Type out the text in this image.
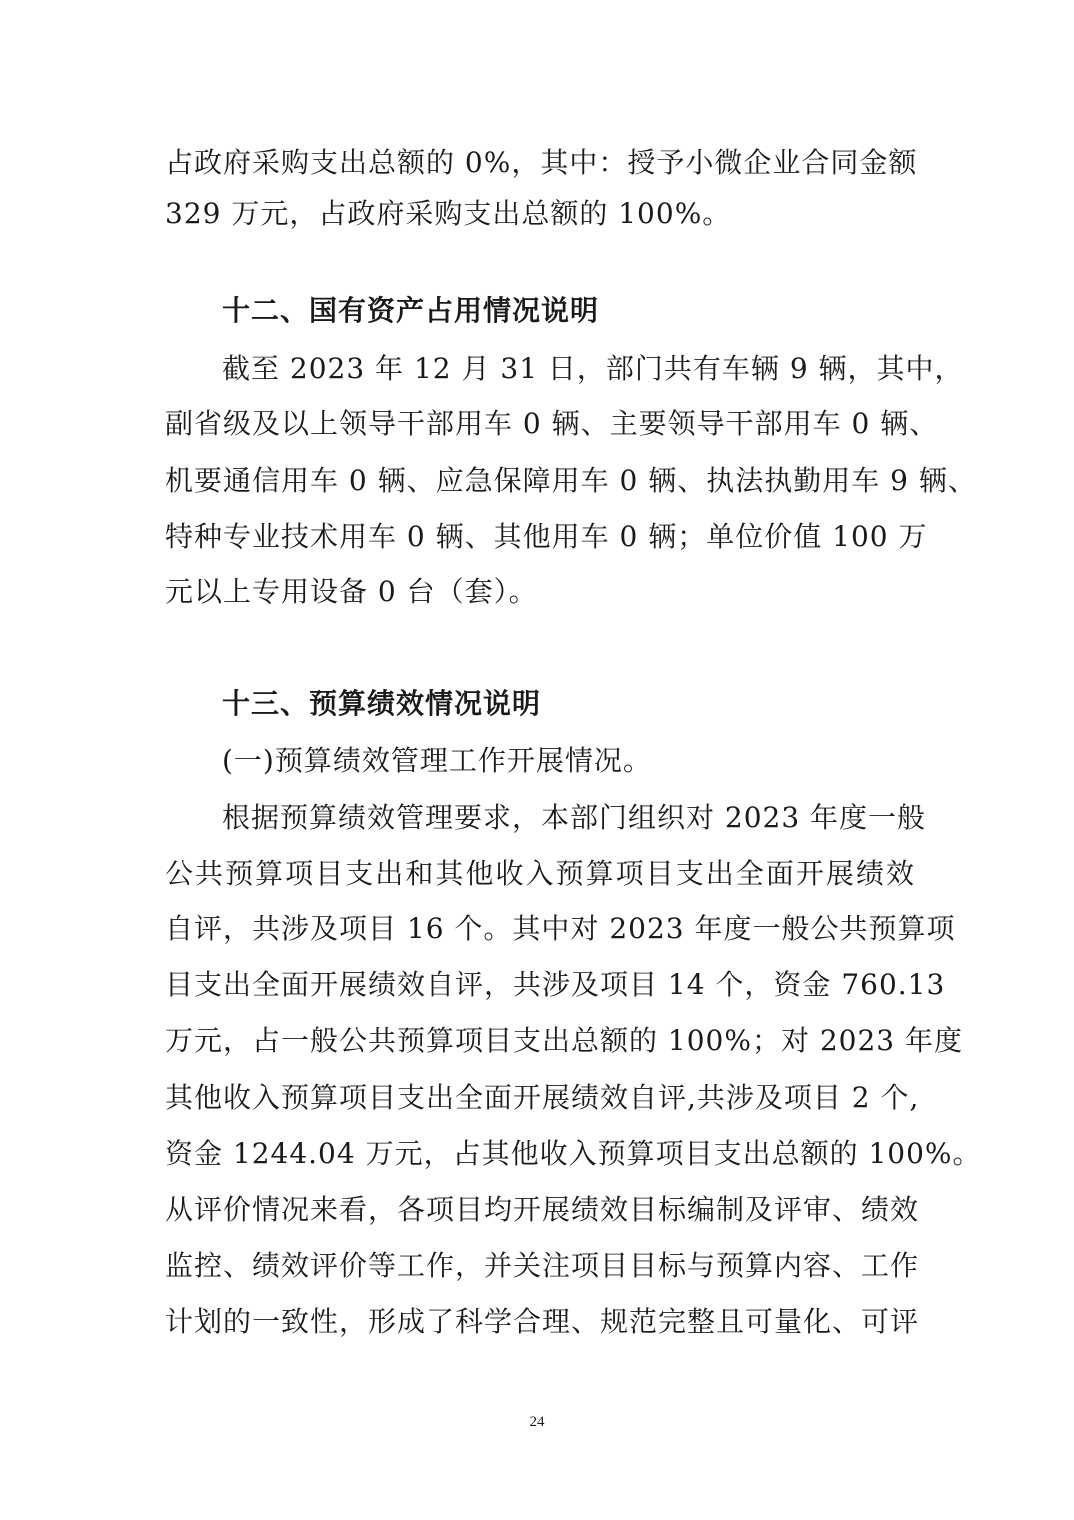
占政府采购支出总额的 0%，其中：授予小微企业合同金额
329 万元，占政府采购支出总额的 100%。
十二、国有资产占用情况说明
截至 2023 年 12 月 31 日，部门共有车辆 9 辆，其中，
副省级及以上领导干部用车 0 辆、主要领导干部用车 0 辆、
机要通信用车 0 辆、应急保障用车 0 辆、执法执勤用车 9 辆、
特种专业技术用车 0 辆、其他用车 0 辆；单位价值 100 万
元以上专用设备 0 台（套）。
十三、预算绩效情况说明
(一)预算绩效管理工作开展情况。
根据预算绩效管理要求，本部门组织对 2023 年度一般
公共预算项目支出和其他收入预算项目支出全面开展绩效
自评，共涉及项目 16 个。其中对 2023 年度一般公共预算项
目支出全面开展绩效自评，共涉及项目 14 个，资金 760.13
万元，占一般公共预算项目支出总额的 100%；对 2023 年度
其他收入预算项目支出全面开展绩效自评,共涉及项目 2 个,
资金 1244.04 万元，占其他收入预算项目支出总额的 100%。
从评价情况来看，各项目均开展绩效目标编制及评审、绩效
监控、绩效评价等工作，并关注项目目标与预算内容、工作
计划的一致性，形成了科学合理、规范完整且可量化、可评
24
